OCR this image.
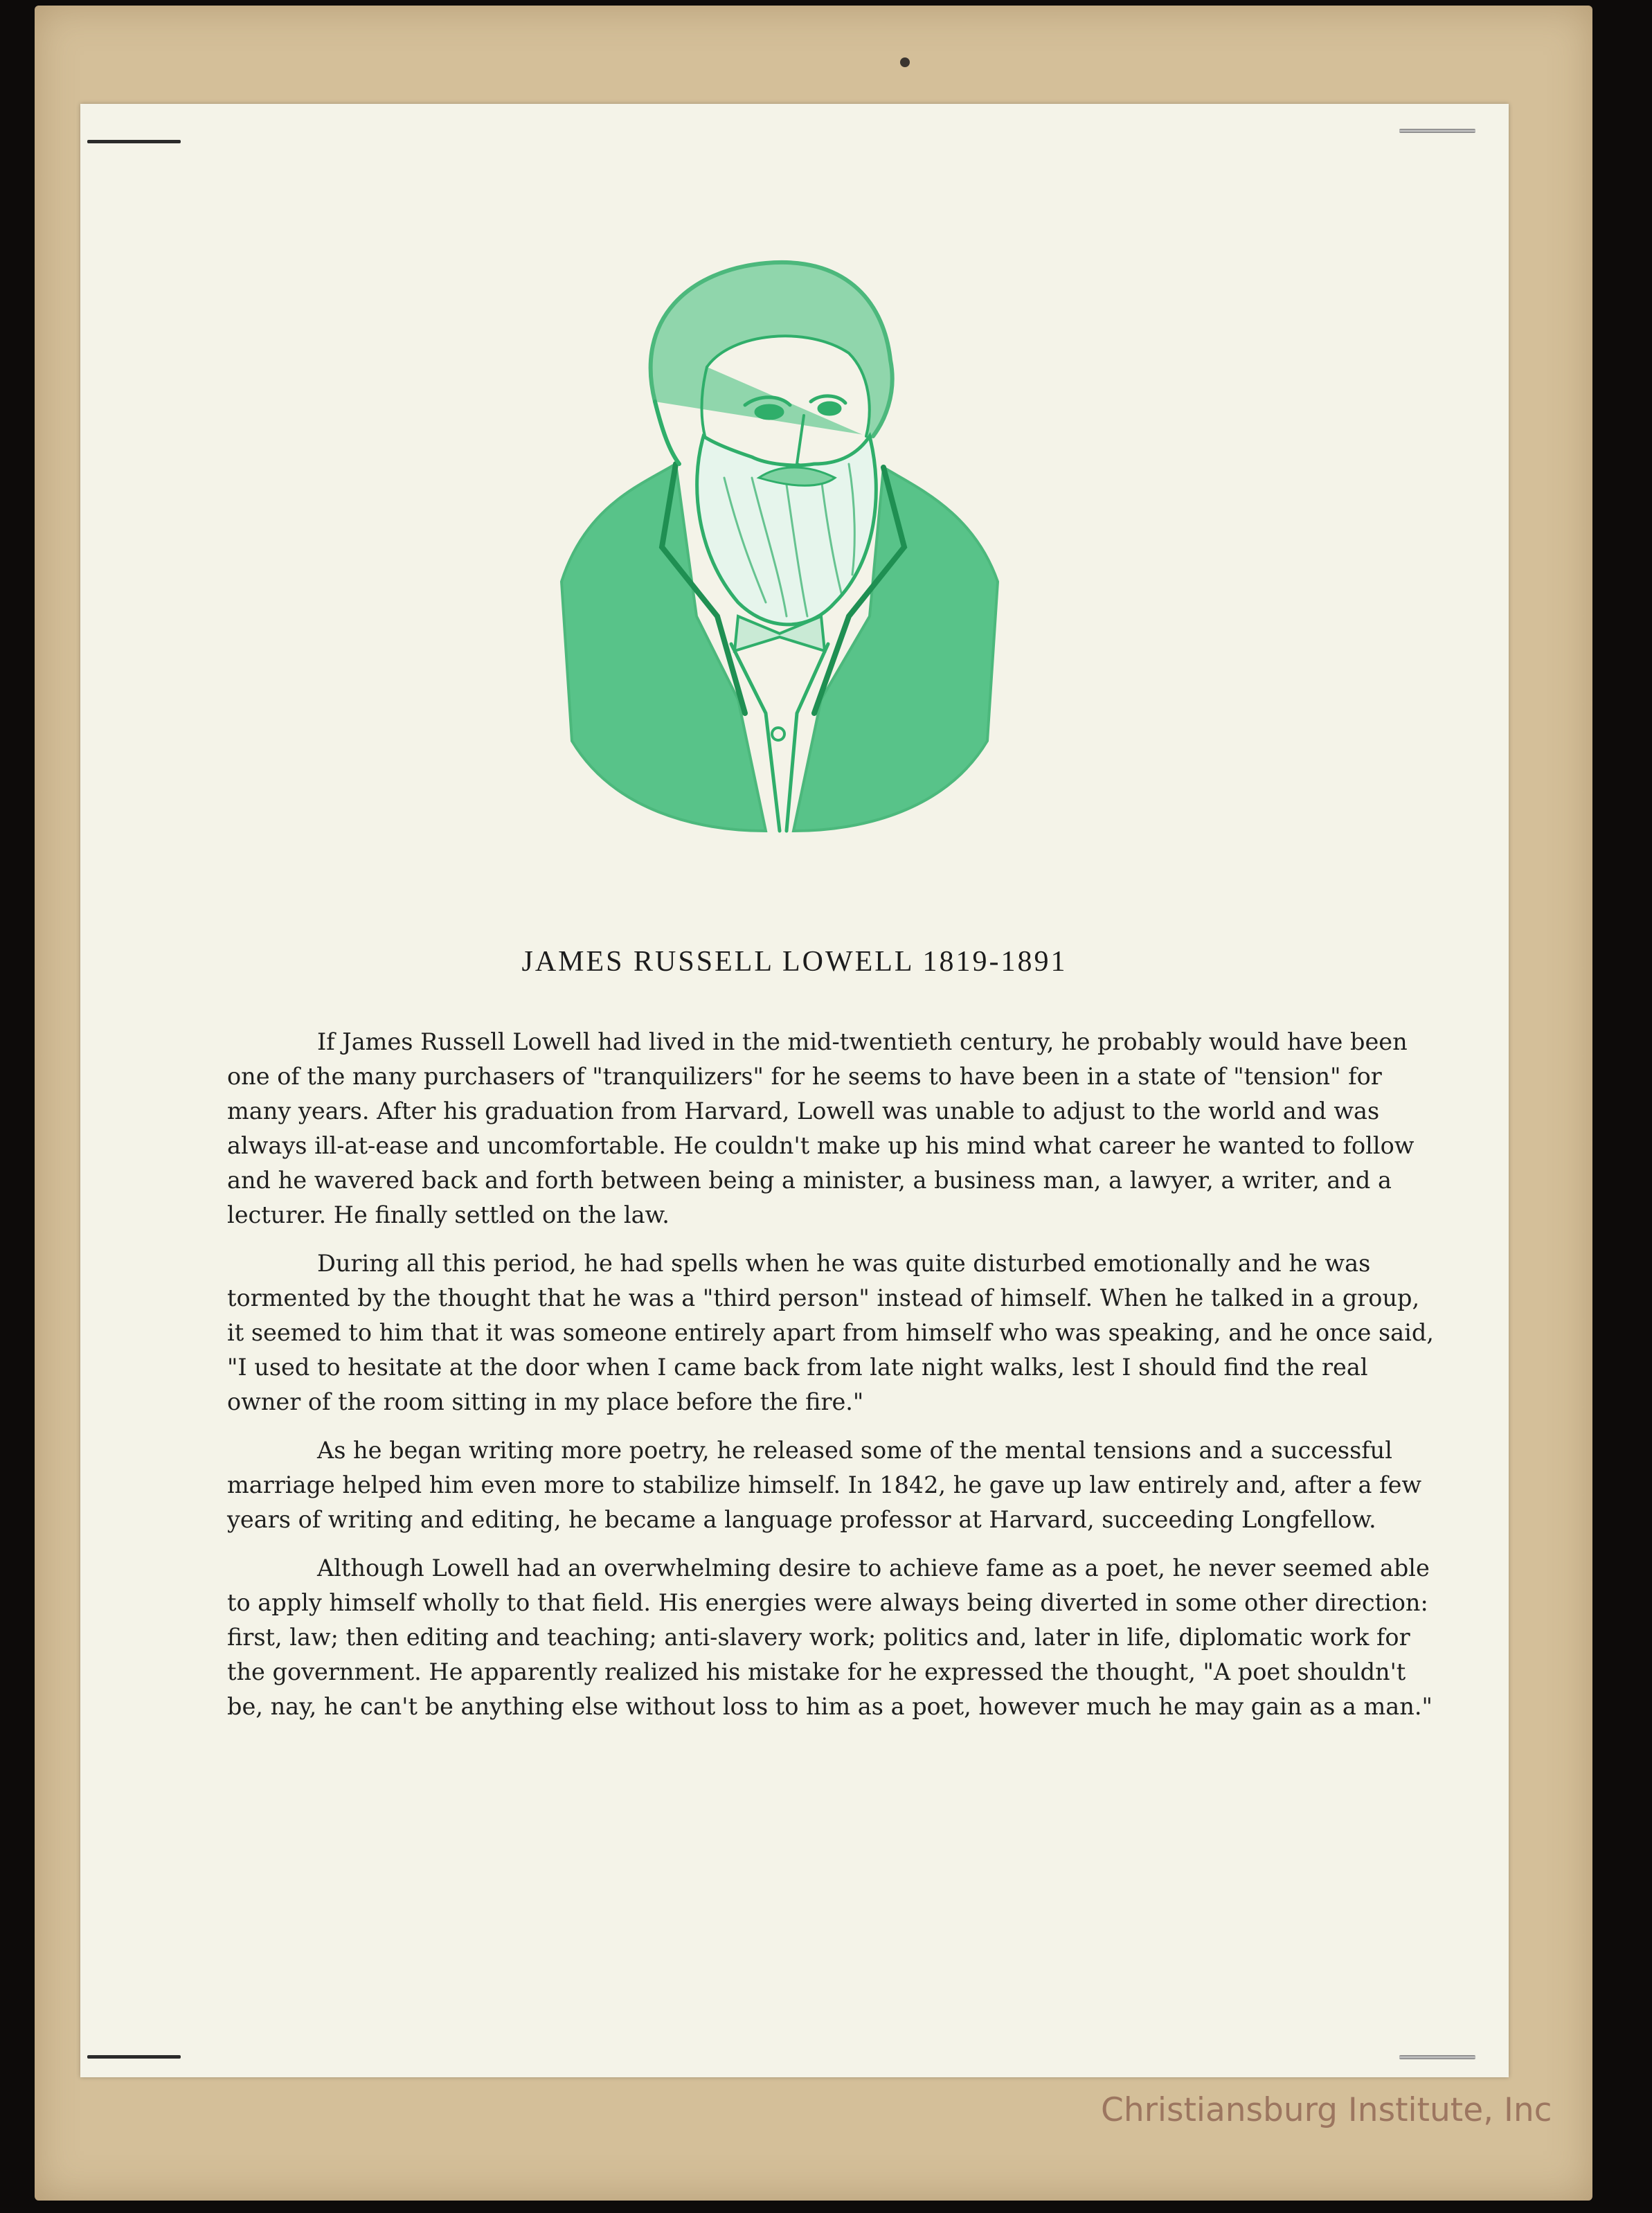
JAMES RUSSELL LOWELL 1819-1891

If James Russell Lowell had lived in the mid-twentieth century, he probably would have been one of the many purchasers of "tranquilizers" for he seems to have been in a state of "tension" for many years. After his graduation from Harvard, Lowell was unable to adjust to the world and was always ill-at-ease and uncomfortable. He couldn't make up his mind what career he wanted to follow and he wavered back and forth between being a minister, a business man, a lawyer, a writer, and a lecturer. He finally settled on the law.

During all this period, he had spells when he was quite disturbed emotionally and he was tormented by the thought that he was a "third person" instead of himself. When he talked in a group, it seemed to him that it was someone entirely apart from himself who was speaking, and he once said, "I used to hesitate at the door when I came back from late night walks, lest I should find the real owner of the room sitting in my place before the fire."

As he began writing more poetry, he released some of the mental tensions and a successful marriage helped him even more to stabilize himself. In 1842, he gave up law entirely and, after a few years of writing and editing, he became a language professor at Harvard, succeeding Longfellow.

Although Lowell had an overwhelming desire to achieve fame as a poet, he never seemed able to apply himself wholly to that field. His energies were always being diverted in some other direction: first, law; then editing and teaching; anti-slavery work; politics and, later in life, diplomatic work for the government. He apparently realized his mistake for he expressed the thought, "A poet shouldn't be, nay, he can't be anything else without loss to him as a poet, however much he may gain as a man."

Christiansburg Institute, Inc
